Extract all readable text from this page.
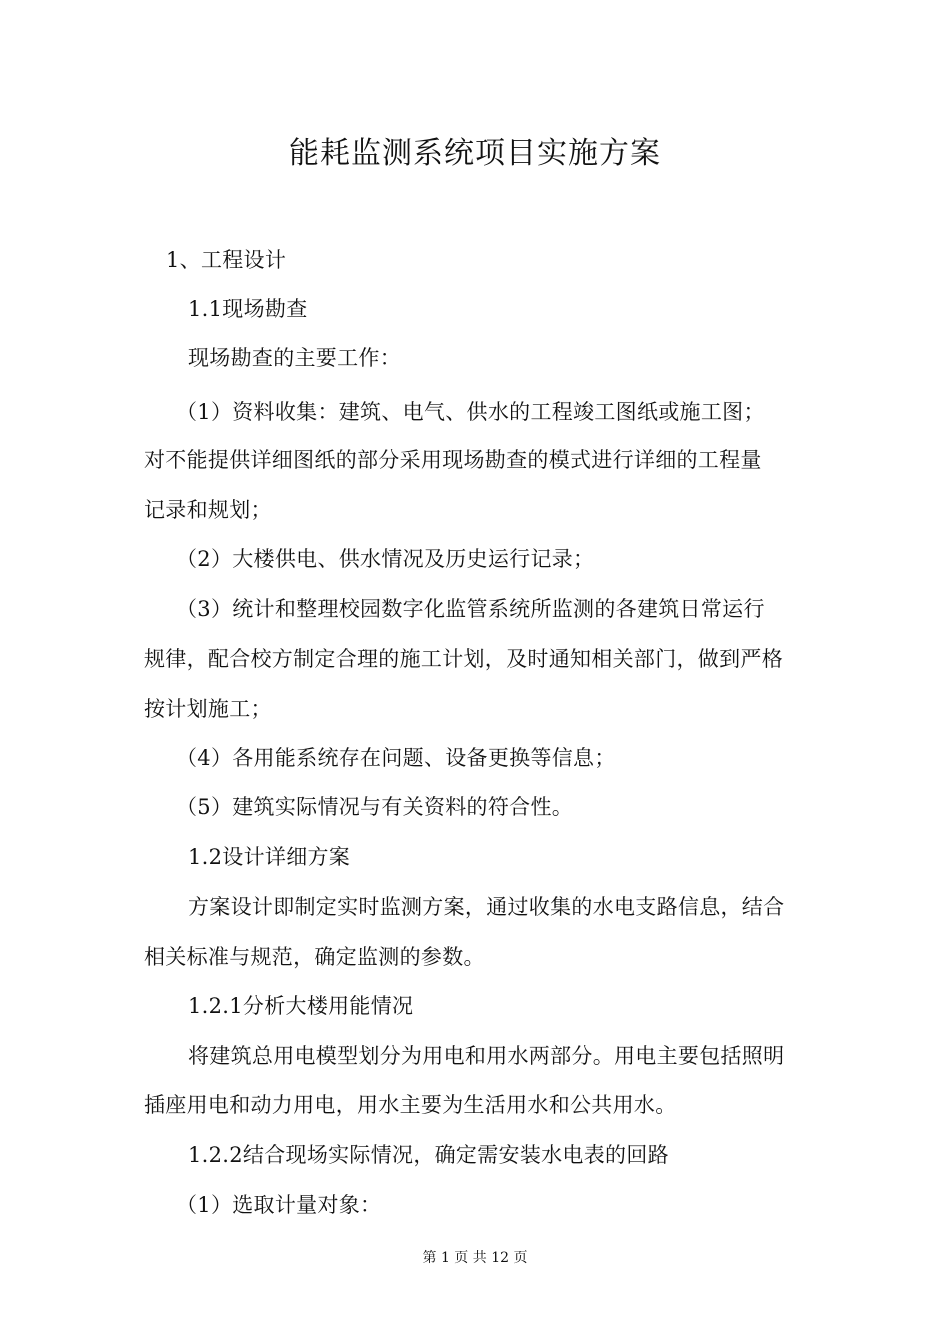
能耗监测系统项目实施方案
1、工程设计
1.1现场勘查
现场勘查的主要工作：
（1）资料收集：建筑、电气、供水的工程竣工图纸或施工图；
对不能提供详细图纸的部分采用现场勘查的模式进行详细的工程量
记录和规划；
（2）大楼供电、供水情况及历史运行记录；
（3）统计和整理校园数字化监管系统所监测的各建筑日常运行
规律，配合校方制定合理的施工计划，及时通知相关部门，做到严格
按计划施工；
（4）各用能系统存在问题、设备更换等信息；
（5）建筑实际情况与有关资料的符合性。
1.2设计详细方案
方案设计即制定实时监测方案，通过收集的水电支路信息，结合
相关标准与规范，确定监测的参数。
1.2.1分析大楼用能情况
将建筑总用电模型划分为用电和用水两部分。用电主要包括照明
插座用电和动力用电，用水主要为生活用水和公共用水。
1.2.2结合现场实际情况，确定需安装水电表的回路
（1）选取计量对象：
第 1 页 共 12 页
